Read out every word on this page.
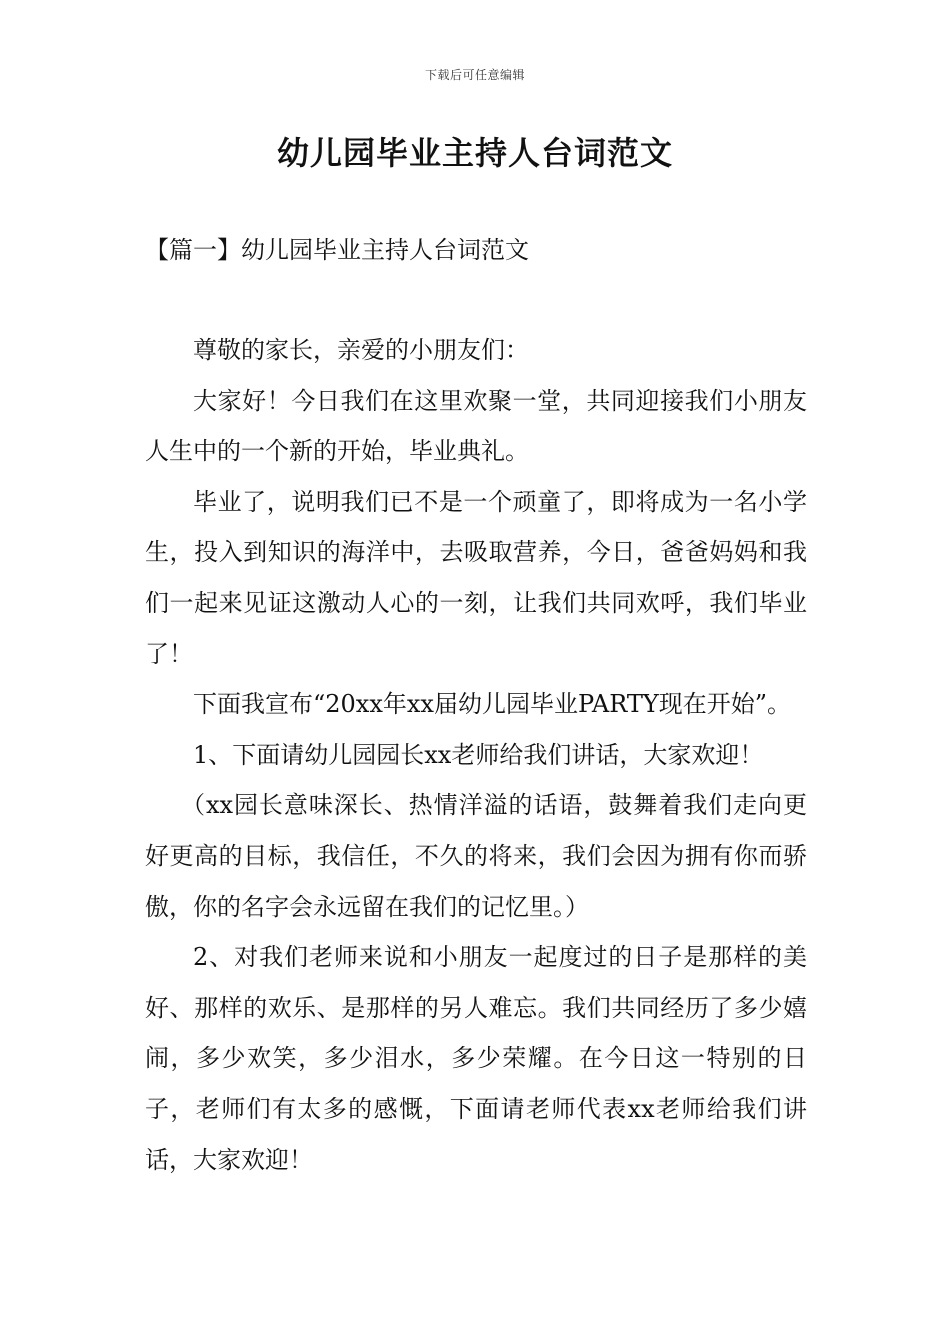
下载后可任意编辑
幼儿园毕业主持人台词范文
【篇一】幼儿园毕业主持人台词范文

尊敬的家长，亲爱的小朋友们：

大家好！今日我们在这里欢聚一堂，共同迎接我们小朋友人生中的一个新的开始，毕业典礼。

毕业了，说明我们已不是一个顽童了，即将成为一名小学生，投入到知识的海洋中，去吸取营养，今日，爸爸妈妈和我们一起来见证这激动人心的一刻，让我们共同欢呼，我们毕业了！

下面我宣布“20xx年xx届幼儿园毕业PARTY现在开始”。

1、下面请幼儿园园长xx老师给我们讲话，大家欢迎！

（xx园长意味深长、热情洋溢的话语，鼓舞着我们走向更好更高的目标，我信任，不久的将来，我们会因为拥有你而骄傲，你的名字会永远留在我们的记忆里。）

2、对我们老师来说和小朋友一起度过的日子是那样的美好、那样的欢乐、是那样的另人难忘。我们共同经历了多少嬉闹，多少欢笑，多少泪水，多少荣耀。在今日这一特别的日子，老师们有太多的感慨，下面请老师代表xx老师给我们讲话，大家欢迎！
